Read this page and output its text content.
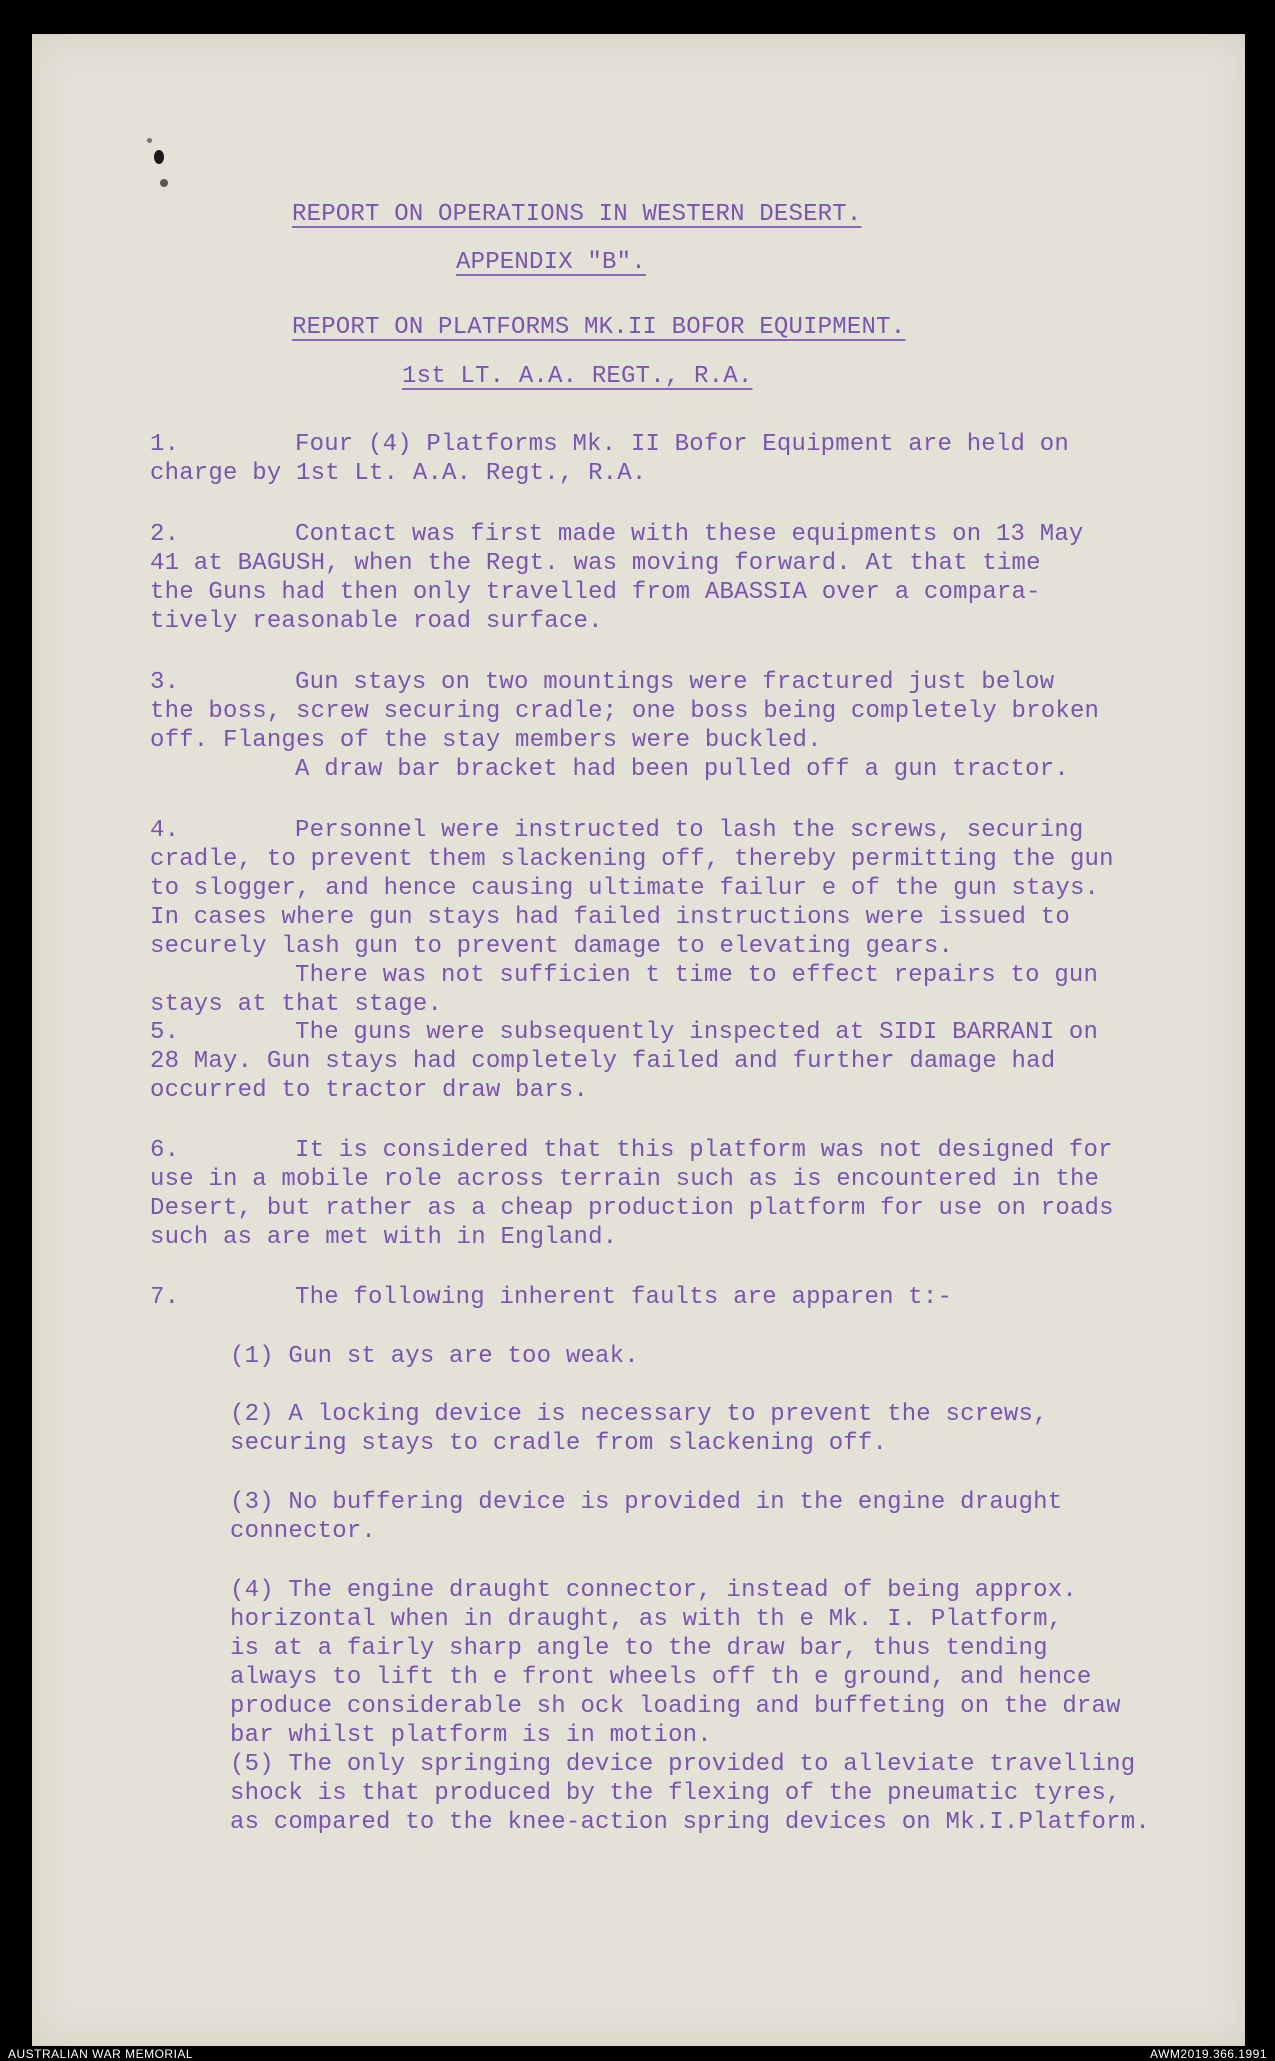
REPORT ON OPERATIONS IN WESTERN DESERT.
APPENDIX "B".
REPORT ON PLATFORMS MK.II BOFOR EQUIPMENT.
1st LT. A.A. REGT., R.A.
1.	Four (4) Platforms Mk. II Bofor Equipment are held on
charge by 1st Lt. A.A. Regt., R.A.
2.	Contact was first made with these equipments on 13 May
41 at BAGUSH, when the Regt. was moving forward. At that time
the Guns had then only travelled from ABASSIA over a compara-
tively reasonable road surface.
3.	Gun stays on two mountings were fractured just below
the boss, screw securing cradle; one boss being completely broken
off. Flanges of the stay members were buckled.
A draw bar bracket had been pulled off a gun tractor.
4.	Personnel were instructed to lash the screws, securing
cradle, to prevent them slackening off, thereby permitting the gun
to slogger, and hence causing ultimate failur e of the gun stays.
In cases where gun stays had failed instructions were issued to
securely lash gun to prevent damage to elevating gears.
There was not sufficien t time to effect repairs to gun
stays at that stage.
5.	The guns were subsequently inspected at SIDI BARRANI on
28 May. Gun stays had completely failed and further damage had
occurred to tractor draw bars.
6.	It is considered that this platform was not designed for
use in a mobile role across terrain such as is encountered in the
Desert, but rather as a cheap production platform for use on roads
such as are met with in England.
7.	The following inherent faults are apparen t:-
(1) Gun st ays are too weak.
(2) A locking device is necessary to prevent the screws,
securing stays to cradle from slackening off.
(3) No buffering device is provided in the engine draught
connector.
(4) The engine draught connector, instead of being approx.
horizontal when in draught, as with th e Mk. I. Platform,
is at a fairly sharp angle to the draw bar, thus tending
always to lift th e front wheels off th e ground, and hence
produce considerable sh ock loading and buffeting on the draw
bar whilst platform is in motion.
(5) The only springing device provided to alleviate travelling
shock is that produced by the flexing of the pneumatic tyres,
as compared to the knee-action spring devices on Mk.I.Platform.
AUSTRALIAN WAR MEMORIAL	AWM2019.366.1991
